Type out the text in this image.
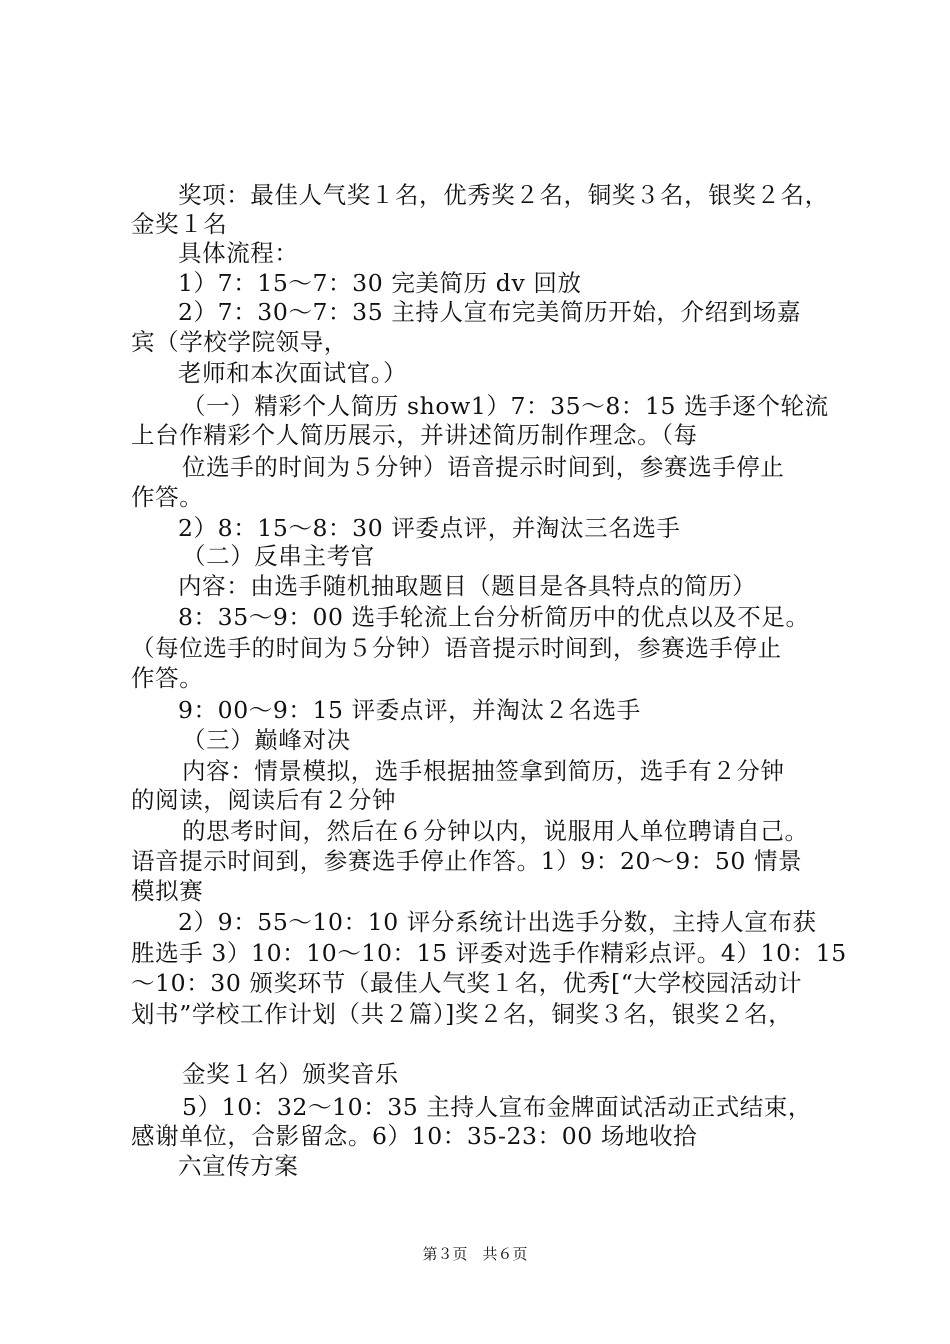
奖项：最佳人气奖１名，优秀奖２名，铜奖３名，银奖２名，
金奖１名
具体流程：
1）7：15～7：30 完美简历 dv 回放
2）7：30～7：35 主持人宣布完美简历开始，介绍到场嘉
宾（学校学院领导，
老师和本次面试官。）
（一）精彩个人简历 show1）7：35～8：15 选手逐个轮流
上台作精彩个人简历展示，并讲述简历制作理念。（每
位选手的时间为５分钟）语音提示时间到，参赛选手停止
作答。
2）8：15～8：30 评委点评，并淘汰三名选手
（二）反串主考官
内容：由选手随机抽取题目（题目是各具特点的简历）
8：35～9：00 选手轮流上台分析简历中的优点以及不足。
（每位选手的时间为５分钟）语音提示时间到，参赛选手停止
作答。
9：00～9：15 评委点评，并淘汰２名选手
（三）巅峰对决
内容：情景模拟，选手根据抽签拿到简历，选手有２分钟
的阅读，阅读后有２分钟
的思考时间，然后在６分钟以内，说服用人单位聘请自己。
语音提示时间到，参赛选手停止作答。1）9：20～9：50 情景
模拟赛
2）9：55～10：10 评分系统计出选手分数，主持人宣布获
胜选手 3）10：10～10：15 评委对选手作精彩点评。4）10：15
～10：30 颁奖环节（最佳人气奖１名，优秀[“大学校园活动计
划书”学校工作计划（共２篇）]奖２名，铜奖３名，银奖２名，
金奖１名）颁奖音乐
5）10：32～10：35 主持人宣布金牌面试活动正式结束，
感谢单位，合影留念。6）10：35-23：00 场地收拾
六宣传方案
第３页　共６页
